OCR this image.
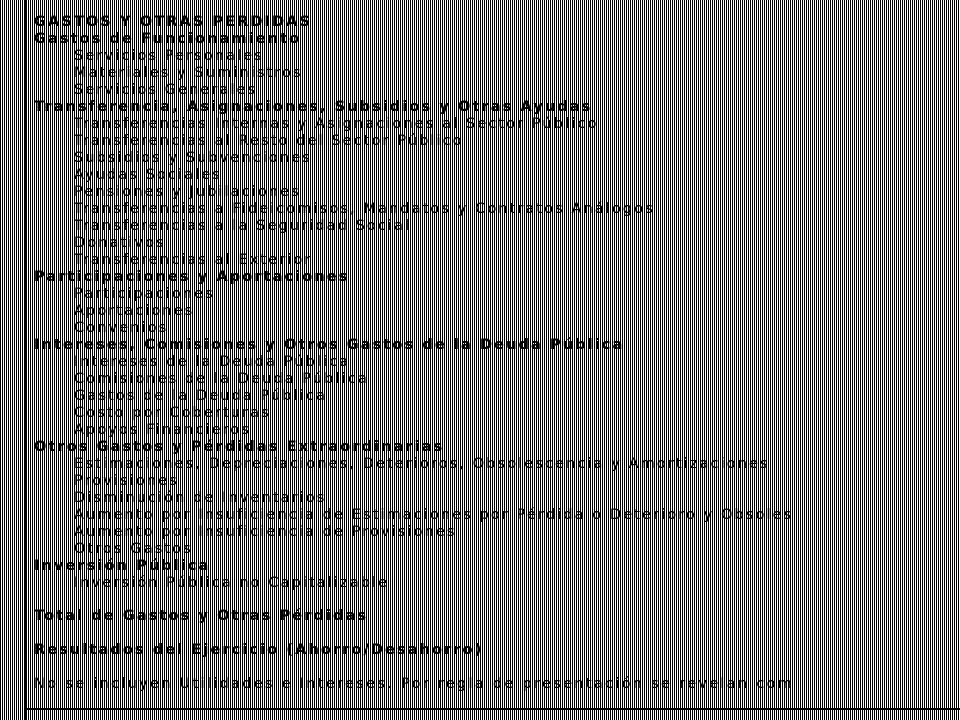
GASTOS Y OTRAS PERDIDAS
Gastos de Funcionamiento
Servicios Personales
Materiales y Suministros
Servicios Generales
Transferencia, Asignaciones, Subsidios y Otras Ayudas
Transferencias Internas y Asignaciones al Sector Público
Transferencias al Resto del Sector Público
Subsidios y Subvenciones
Ayudas Sociales
Pensiones y Jubilaciones
Transferencias a Fideicomisos, Mandatos y Contratos Análogos
Transferencias a la Seguridad Social
Donativos
Transferencias al Exterior
Participaciones y Aportaciones
Participaciones
Aportaciones
Convenios
Intereses, Comisiones y Otros Gastos de la Deuda Pública
Intereses de la Deuda Pública
Comisiones de la Deuda Pública
Gastos de la Deuda Pública
Costo por Coberturas
Apoyos Financieros
Otros Gastos y Pérdidas Extraordinarias
Estimaciones, Depreciaciones, Deterioros, Obsolescencia y Amortizaciones
Provisiones
Disminución de Inventarios
Aumento por Insuficiencia de Estimaciones por Pérdida o Deterioro y Obsoles
Aumento por Insuficiencia de Provisiones
Otros Gastos
Inversión Pública
Inversión Pública no Capitalizable
Total de Gastos y Otras Pérdidas
Resultados del Ejercicio (Ahorro/Desahorro)
No se incluyen Utilidades e Intereses. Por regla de presentación se revelan com
